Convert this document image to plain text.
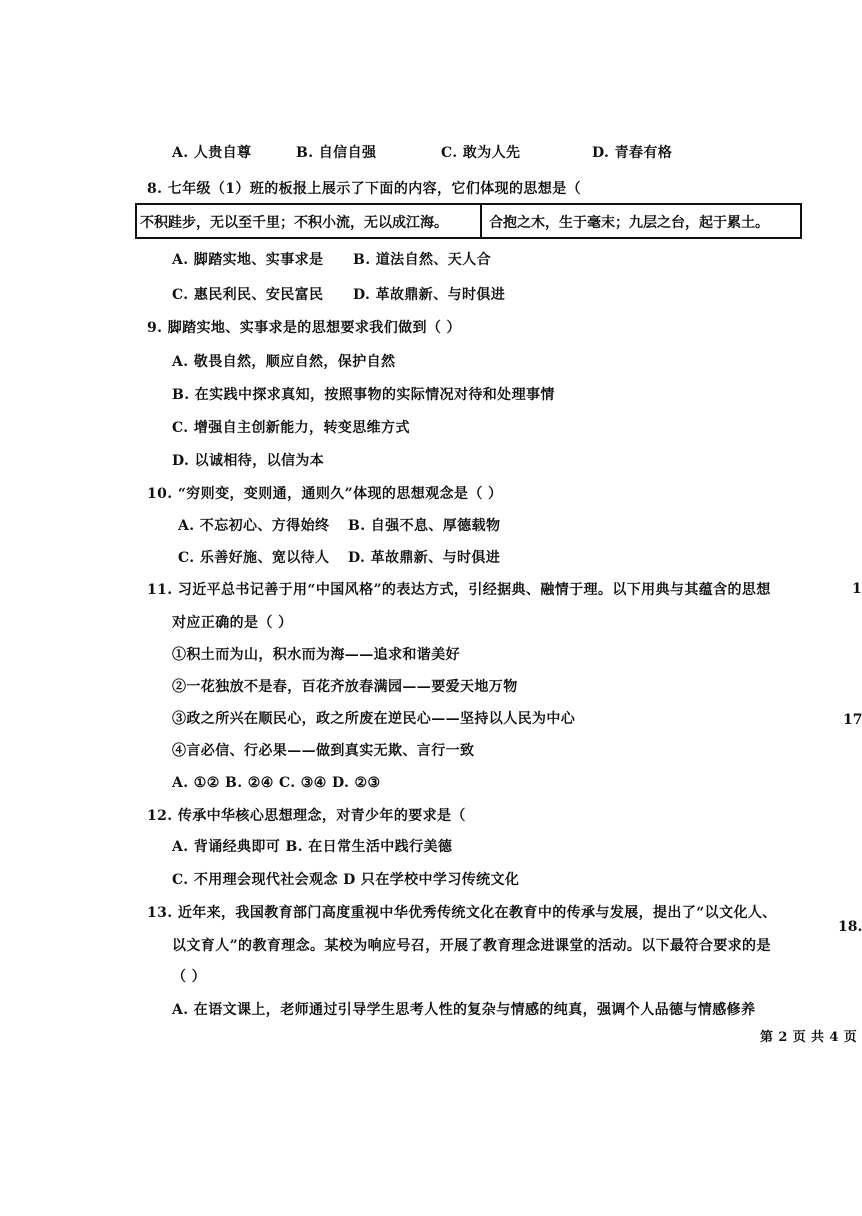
A. 人贵自尊	B. 自信自强	C. 敢为人先	D. 青春有格
8. 七年级（1）班的板报上展示了下面的内容，它们体现的思想是（
不积跬步，无以至千里；不积小流，无以成江海。	合抱之木，生于毫末；九层之台，起于累土。
A. 脚踏实地、实事求是 B. 道法自然、天人合
C. 惠民利民、安民富民 D. 革故鼎新、与时俱进
9. 脚踏实地、实事求是的思想要求我们做到（ ）
A. 敬畏自然，顺应自然，保护自然
B. 在实践中探求真知，按照事物的实际情况对待和处理事情
C. 增强自主创新能力，转变思维方式
D. 以诚相待，以信为本
10. “穷则变，变则通，通则久”体现的思想观念是（ ）
A. 不忘初心、方得始终 B. 自强不息、厚德载物
C. 乐善好施、宽以待人 D. 革故鼎新、与时俱进
11. 习近平总书记善于用“中国风格”的表达方式，引经据典、融情于理。以下用典与其蕴含的思想
对应正确的是（ ）
①积土而为山，积水而为海——追求和谐美好
②一花独放不是春，百花齐放春满园——要爱天地万物
③政之所兴在顺民心，政之所废在逆民心——坚持以人民为中心
④言必信、行必果——做到真实无欺、言行一致
A. ①② B. ②④ C. ③④ D. ②③
12. 传承中华核心思想理念，对青少年的要求是（
A. 背诵经典即可 B. 在日常生活中践行美德
C. 不用理会现代社会观念 D 只在学校中学习传统文化
13. 近年来，我国教育部门高度重视中华优秀传统文化在教育中的传承与发展，提出了“以文化人、
以文育人”的教育理念。某校为响应号召，开展了教育理念进课堂的活动。以下最符合要求的是
（ ）
A. 在语文课上，老师通过引导学生思考人性的复杂与情感的纯真，强调个人品德与情感修养
1
17
18.
第 2 页 共 4 页
